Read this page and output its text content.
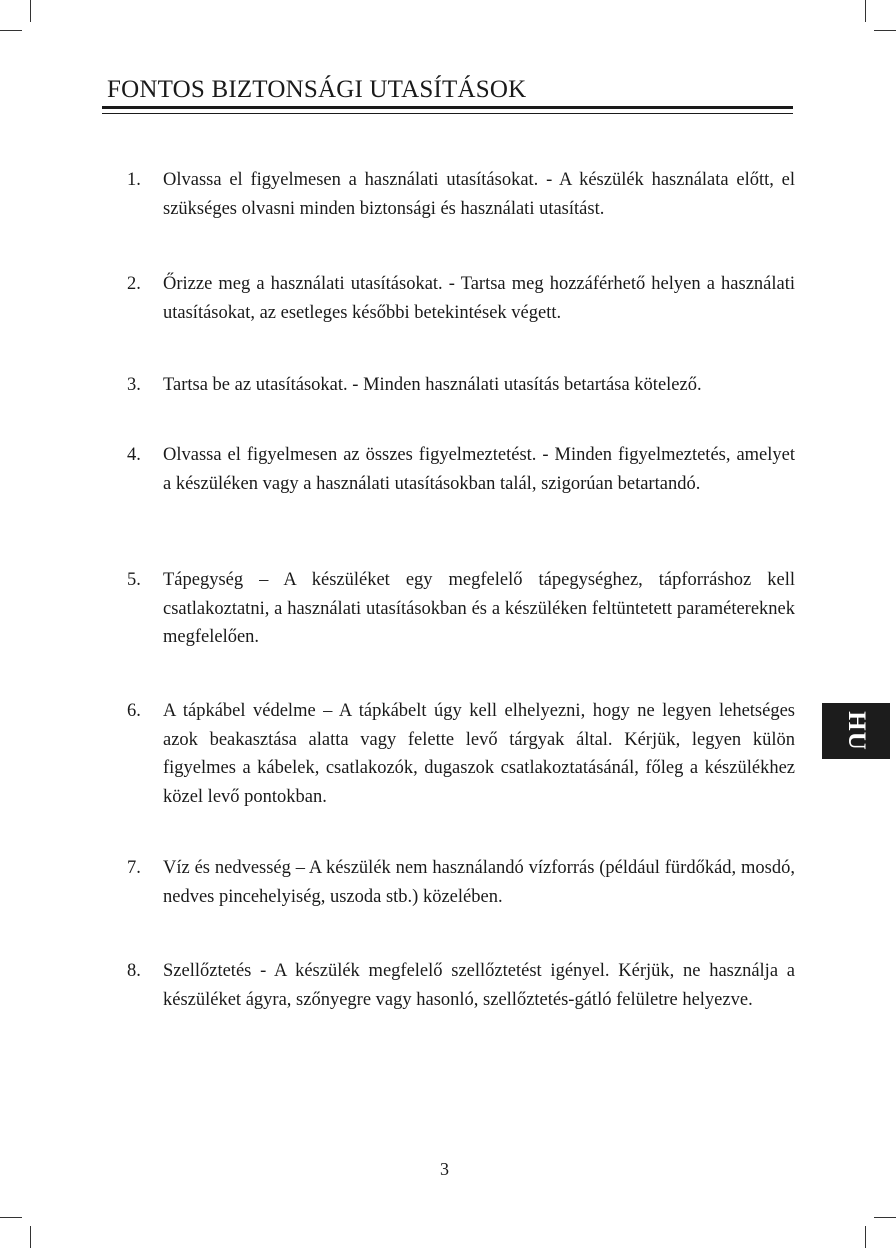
FONTOS BIZTONSÁGI UTASÍTÁSOK
1. Olvassa el figyelmesen a használati utasításokat. - A készülék használata előtt, el szükséges olvasni minden biztonsági és használati utasítást.
2. Őrizze meg a használati utasításokat. - Tartsa meg hozzáférhető helyen a használati utasításokat, az esetleges későbbi betekintések végett.
3. Tartsa be az utasításokat. - Minden használati utasítás betartása kötelező.
4. Olvassa el figyelmesen az összes figyelmeztetést. - Minden figyelmeztetés, amelyet a készüléken vagy a használati utasításokban talál, szigorúan betartandó.
5. Tápegység – A készüléket egy megfelelő tápegységhez, tápforráshoz kell csatlakoztatni, a használati utasításokban és a készüléken feltüntetett paramétereknek megfelelően.
6. A tápkábel védelme – A tápkábelt úgy kell elhelyezni, hogy ne legyen lehetséges azok beakasztása alatta vagy felette levő tárgyak által. Kérjük, legyen külön figyelmes a kábelek, csatlakozók, dugaszok csatlakoztatásánál, főleg a készülékhez közel levő pontokban.
7. Víz és nedvesség – A készülék nem használandó vízforrás (például fürdőkád, mosdó, nedves pincehelyiség, uszoda stb.) közelében.
8. Szellőztetés - A készülék megfelelő szellőztetést igényel. Kérjük, ne használja a készüléket ágyra, szőnyegre vagy hasonló, szellőztetés-gátló felületre helyezve.
HU
3
